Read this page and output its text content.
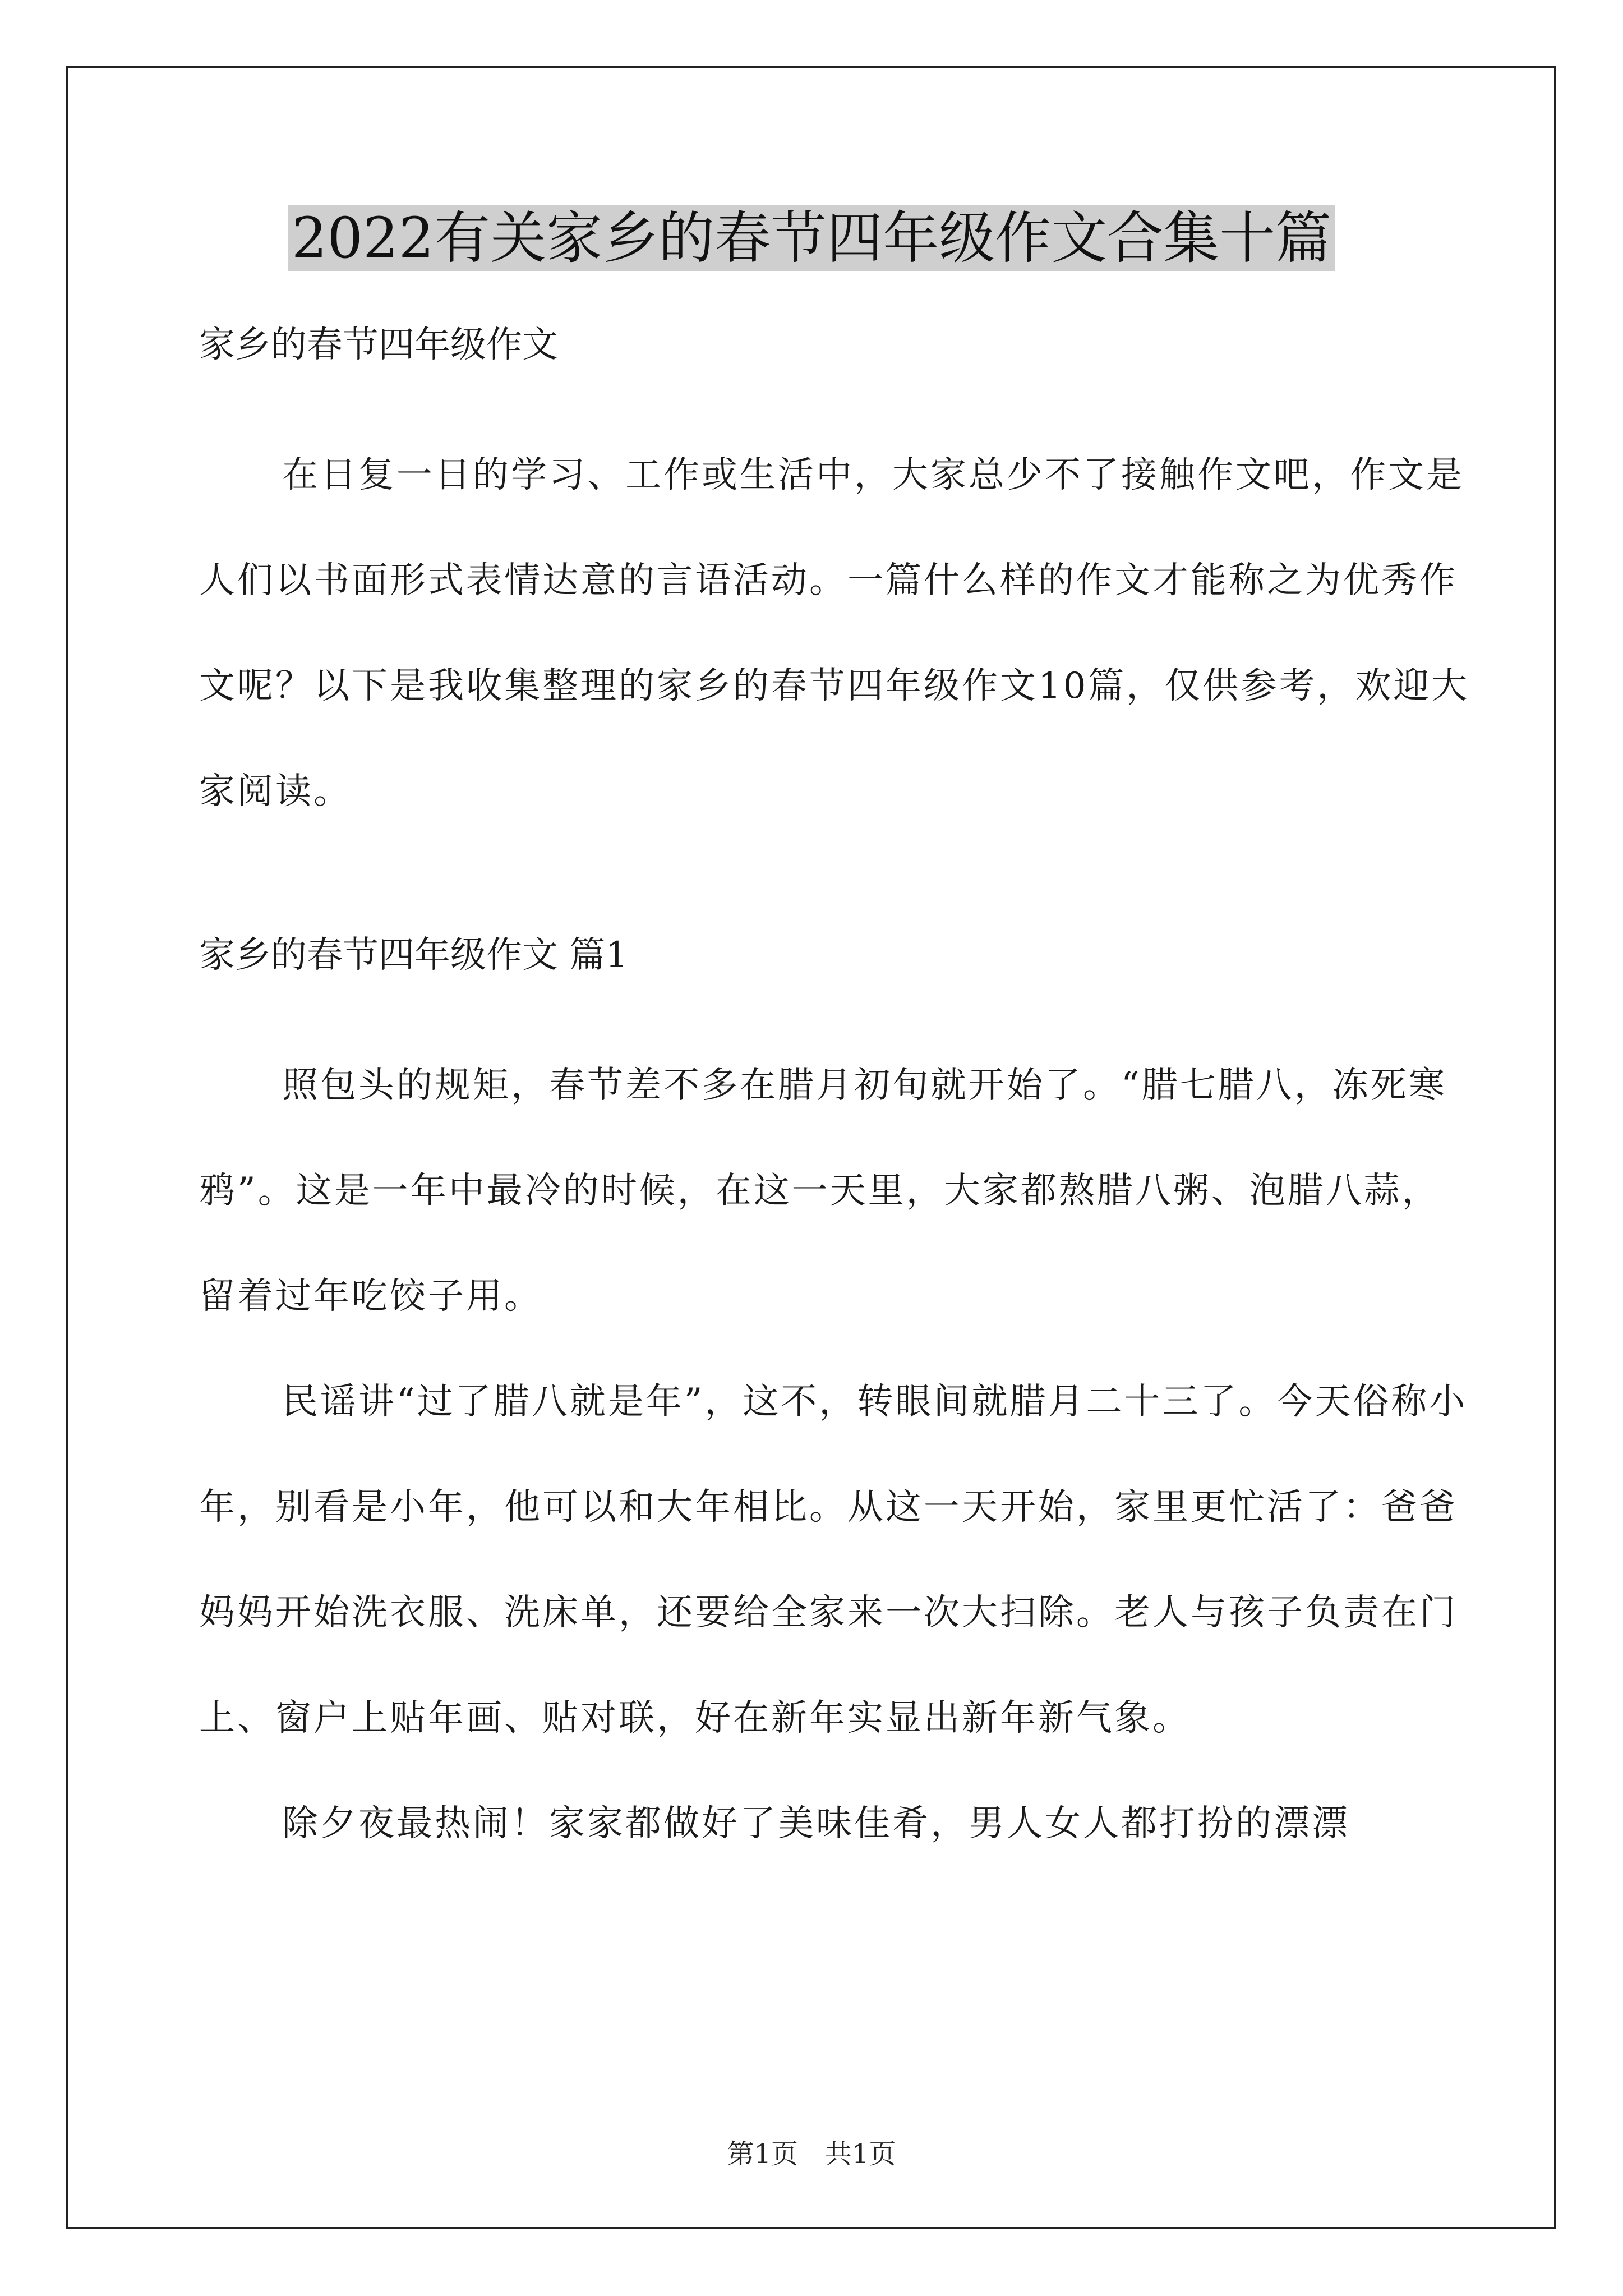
2022有关家乡的春节四年级作文合集十篇

家乡的春节四年级作文

在日复一日的学习、工作或生活中，大家总少不了接触作文吧，作文是人们以书面形式表情达意的言语活动。一篇什么样的作文才能称之为优秀作文呢？以下是我收集整理的家乡的春节四年级作文10篇，仅供参考，欢迎大家阅读。

家乡的春节四年级作文 篇1

照包头的规矩，春节差不多在腊月初旬就开始了。“腊七腊八，冻死寒鸦”。这是一年中最冷的时候，在这一天里，大家都熬腊八粥、泡腊八蒜，留着过年吃饺子用。

民谣讲“过了腊八就是年”，这不，转眼间就腊月二十三了。今天俗称小年，别看是小年，他可以和大年相比。从这一天开始，家里更忙活了：爸爸妈妈开始洗衣服、洗床单，还要给全家来一次大扫除。老人与孩子负责在门上、窗户上贴年画、贴对联，好在新年实显出新年新气象。

除夕夜最热闹！家家都做好了美味佳肴，男人女人都打扮的漂漂

第1页　共1页
